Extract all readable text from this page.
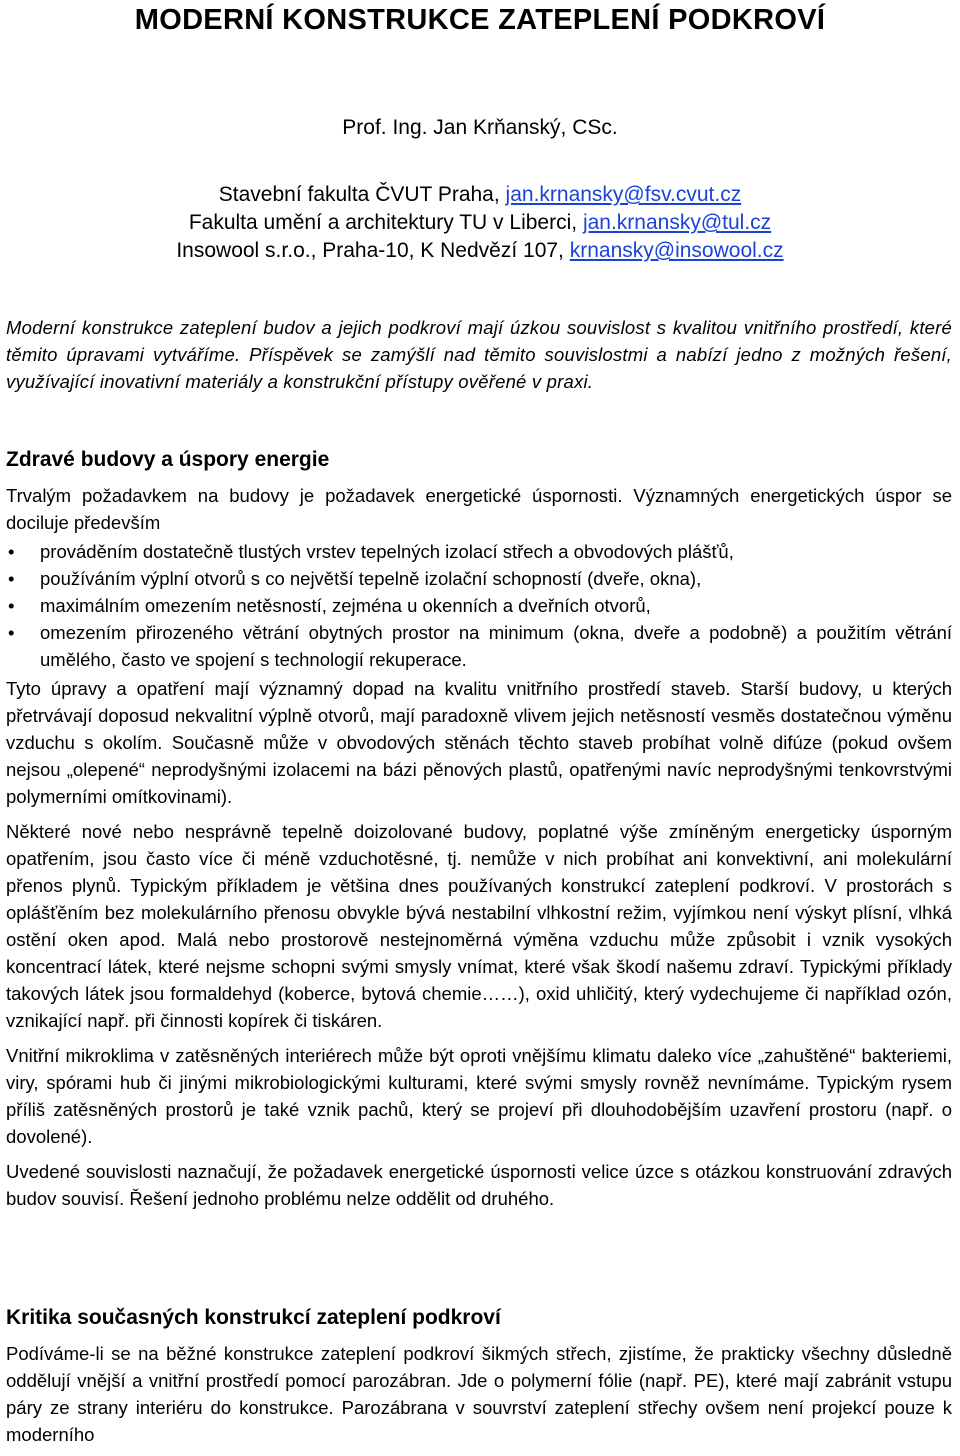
MODERNÍ KONSTRUKCE ZATEPLENÍ PODKROVÍ

Prof. Ing. Jan Krňanský, CSc.

Stavební fakulta ČVUT Praha, jan.krnansky@fsv.cvut.cz
Fakulta umění a architektury TU v Liberci, jan.krnansky@tul.cz
Insowool s.r.o., Praha-10, K Nedvězí 107, krnansky@insowool.cz
Moderní konstrukce zateplení budov a jejich podkroví mají úzkou souvislost s kvalitou vnitřního prostředí, které těmito úpravami vytváříme. Příspěvek se zamýšlí nad těmito souvislostmi a nabízí jedno z možných řešení, využívající inovativní materiály a konstrukční přístupy ověřené v praxi.
Zdravé budovy a úspory energie

Trvalým požadavkem na budovy je požadavek energetické úspornosti. Významných energetických úspor se dociluje především

• prováděním dostatečně tlustých vrstev tepelných izolací střech a obvodových plášťů,
• používáním výplní otvorů s co největší tepelně izolační schopností (dveře, okna),
• maximálním omezením netěsností, zejména u okenních a dveřních otvorů,
• omezením přirozeného větrání obytných prostor na minimum (okna, dveře a podobně) a použitím větrání umělého, často ve spojení s technologií rekuperace.

Tyto úpravy a opatření mají významný dopad na kvalitu vnitřního prostředí staveb. Starší budovy, u kterých přetrvávají doposud nekvalitní výplně otvorů, mají paradoxně vlivem jejich netěsností vesměs dostatečnou výměnu vzduchu s okolím. Současně může v obvodových stěnách těchto staveb probíhat volně difúze (pokud ovšem nejsou „olepené“ neprodyšnými izolacemi na bázi pěnových plastů, opatřenými navíc neprodyšnými tenkovrstvými polymerními omítkovinami).

Některé nové nebo nesprávně tepelně doizolované budovy, poplatné výše zmíněným energeticky úsporným opatřením, jsou často více či méně vzduchotěsné, tj. nemůže v nich probíhat ani konvektivní, ani molekulární přenos plynů. Typickým příkladem je většina dnes používaných konstrukcí zateplení podkroví. V prostorách s oplášťěním bez molekulárního přenosu obvykle bývá nestabilní vlhkostní režim, vyjímkou není výskyt plísní, vlhká ostění oken apod. Malá nebo prostorově nestejnoměrná výměna vzduchu může způsobit i vznik vysokých koncentrací látek, které nejsme schopni svými smysly vnímat, které však škodí našemu zdraví. Typickými příklady takových látek jsou formaldehyd (koberce, bytová chemie……), oxid uhličitý, který vydechujeme či například ozón, vznikající např. při činnosti kopírek či tiskáren.

Vnitřní mikroklima v zatěsněných interiérech může být oproti vnějšímu klimatu daleko více „zahuštěné“ bakteriemi, viry, spórami hub či jinými mikrobiologickými kulturami, které svými smysly rovněž nevnímáme. Typickým rysem příliš zatěsněných prostorů je také vznik pachů, který se projeví při dlouhodobějším uzavření prostoru (např. o dovolené).

Uvedené souvislosti naznačují, že požadavek energetické úspornosti velice úzce s otázkou konstruování zdravých budov souvisí. Řešení jednoho problému nelze oddělit od druhého.

Kritika současných konstrukcí zateplení podkroví

Podíváme-li se na běžné konstrukce zateplení podkroví šikmých střech, zjistíme, že prakticky všechny důsledně oddělují vnější a vnitřní prostředí pomocí parozábran. Jde o polymerní fólie (např. PE), které mají zabránit vstupu páry ze strany interiéru do konstrukce. Parozábrana v souvrství zateplení střechy ovšem není projekcí pouze k moderního
